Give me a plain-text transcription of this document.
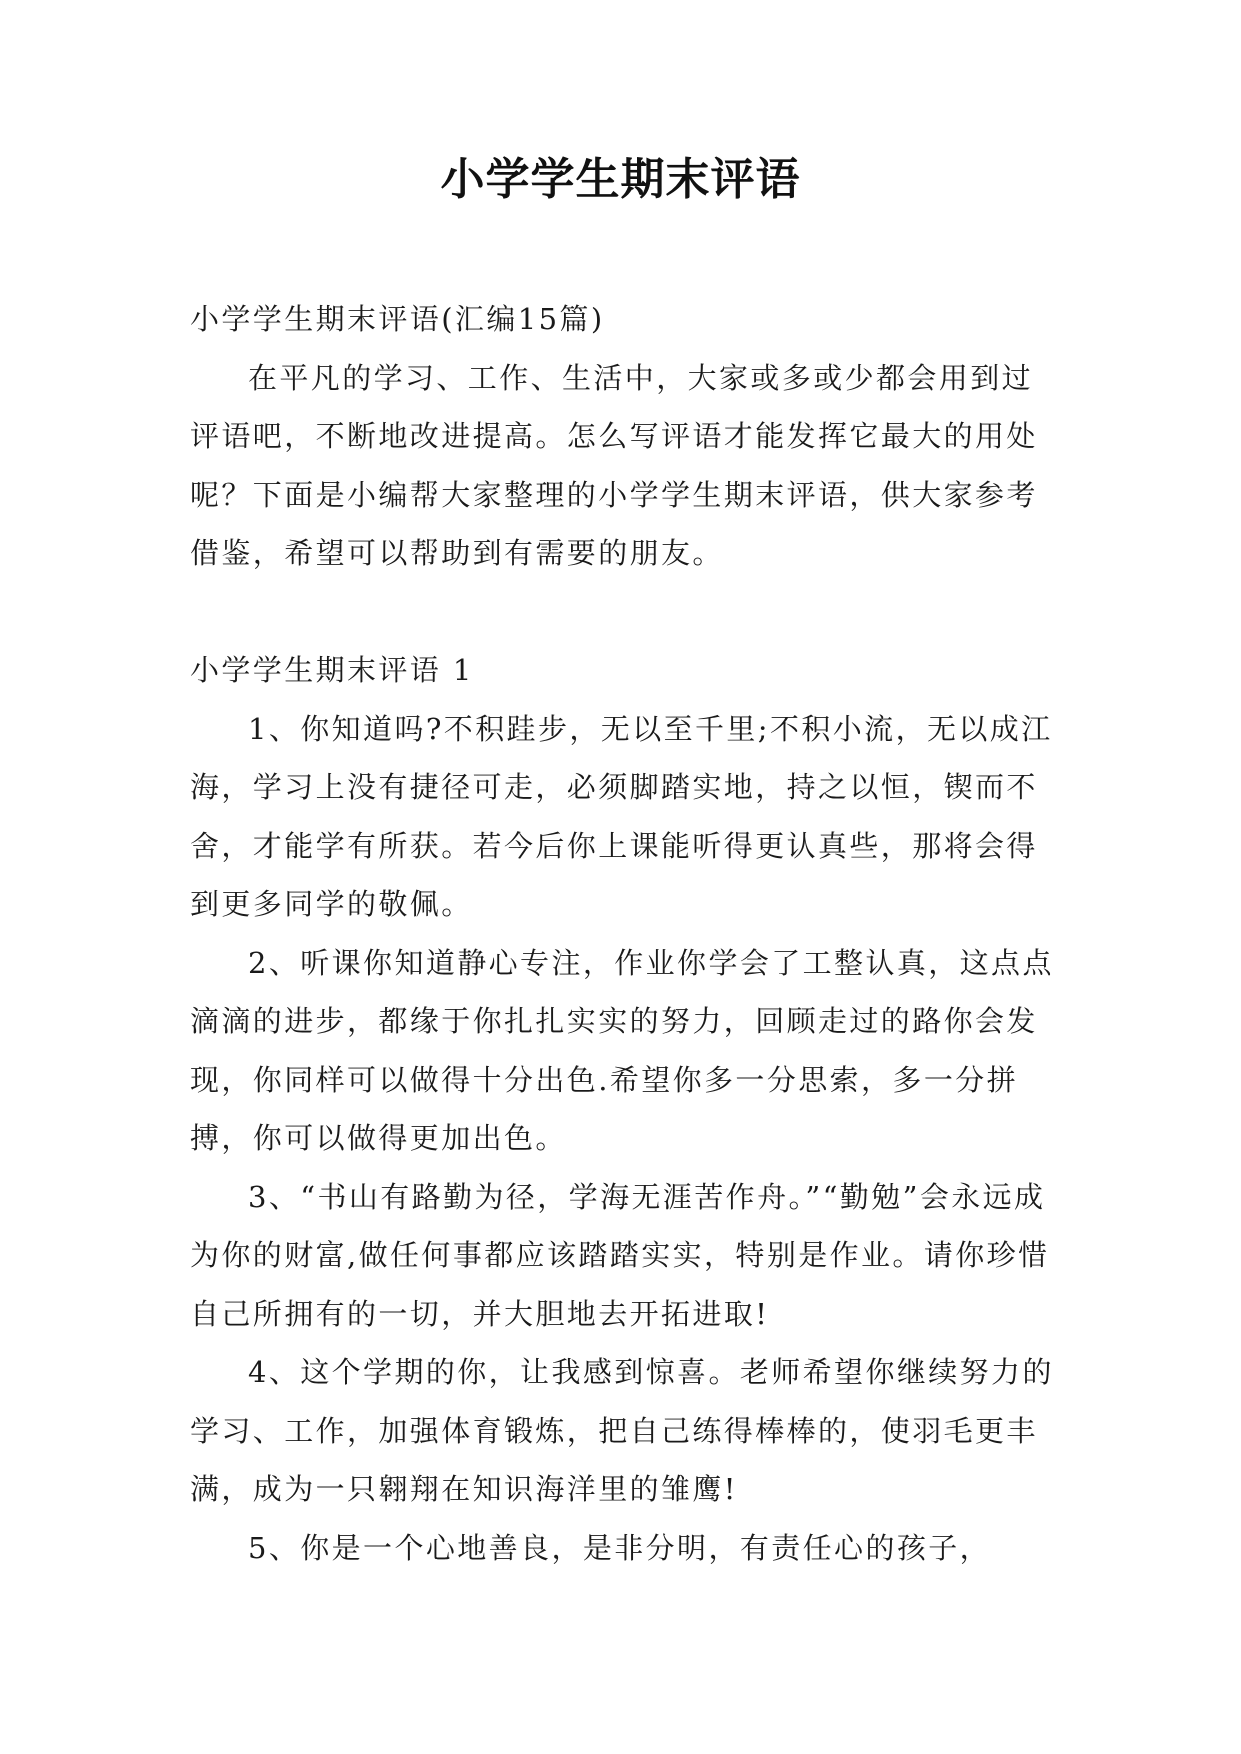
小学学生期末评语

小学学生期末评语(汇编15篇)

在平凡的学习、工作、生活中，大家或多或少都会用到过评语吧，不断地改进提高。怎么写评语才能发挥它最大的用处呢？下面是小编帮大家整理的小学学生期末评语，供大家参考借鉴，希望可以帮助到有需要的朋友。

小学学生期末评语 1

1、你知道吗?不积跬步，无以至千里;不积小流，无以成江海，学习上没有捷径可走，必须脚踏实地，持之以恒，锲而不舍，才能学有所获。若今后你上课能听得更认真些，那将会得到更多同学的敬佩。

2、听课你知道静心专注，作业你学会了工整认真，这点点滴滴的进步，都缘于你扎扎实实的努力，回顾走过的路你会发现，你同样可以做得十分出色.希望你多一分思索，多一分拼搏，你可以做得更加出色。

3、“书山有路勤为径，学海无涯苦作舟。”“勤勉”会永远成为你的财富,做任何事都应该踏踏实实，特别是作业。请你珍惜自己所拥有的一切，并大胆地去开拓进取!

4、这个学期的你，让我感到惊喜。老师希望你继续努力的学习、工作，加强体育锻炼，把自己练得棒棒的，使羽毛更丰满，成为一只翱翔在知识海洋里的雏鹰!

5、你是一个心地善良，是非分明，有责任心的孩子，
